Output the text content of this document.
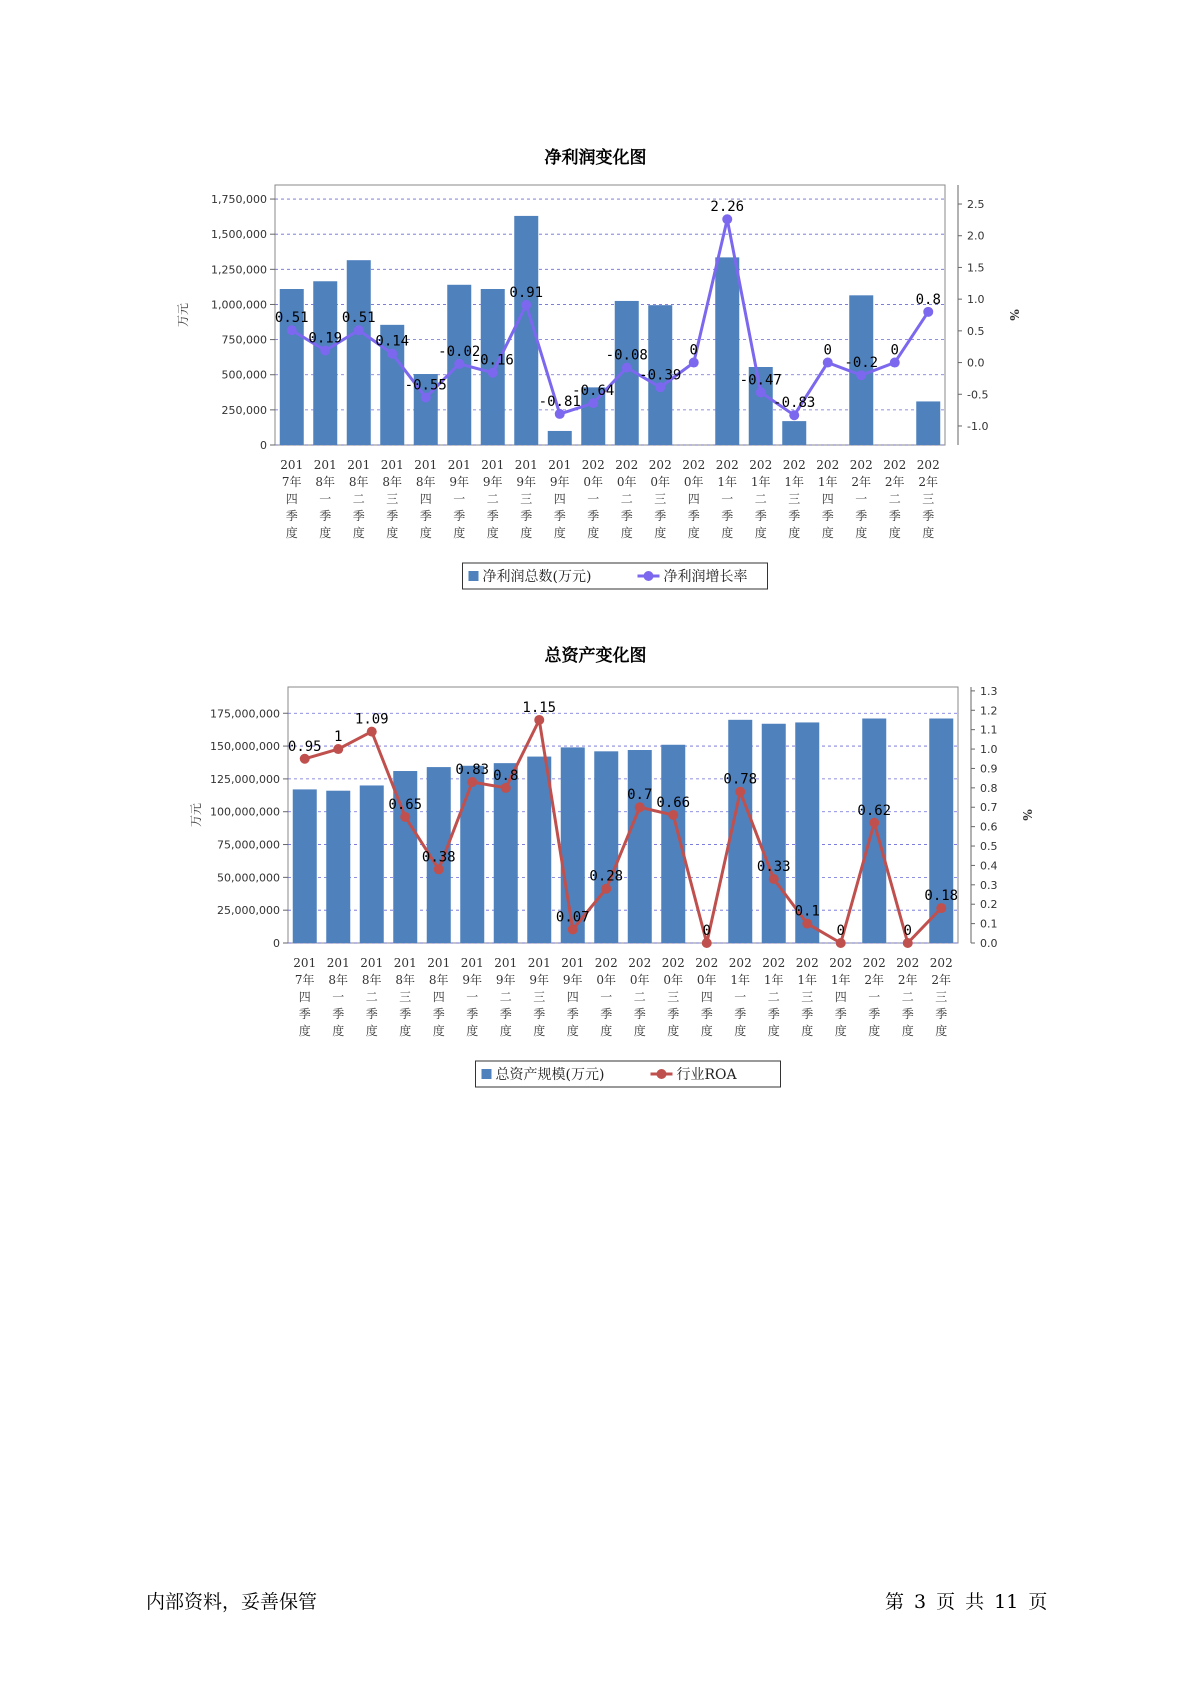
净利润变化图
0
250,000
500,000
750,000
1,000,000
1,250,000
1,500,000
1,750,000
万元
-1.0
-0.5
0.0
0.5
1.0
1.5
2.0
2.5
%
201
7年
四
季
度
201
8年
一
季
度
201
8年
二
季
度
201
8年
三
季
度
201
8年
四
季
度
201
9年
一
季
度
201
9年
二
季
度
201
9年
三
季
度
201
9年
四
季
度
202
0年
一
季
度
202
0年
二
季
度
202
0年
三
季
度
202
0年
四
季
度
202
1年
一
季
度
202
1年
二
季
度
202
1年
三
季
度
202
1年
四
季
度
202
2年
一
季
度
202
2年
二
季
度
202
2年
三
季
度
0.51
0.19
0.51
0.14
-0.55
-0.02
-0.16
0.91
-0.81
-0.64
-0.08
-0.39
0
2.26
-0.47
-0.83
0
-0.2
0
0.8
净利润总数(万元)	净利润增长率
总资产变化图
0
25,000,000
50,000,000
75,000,000
100,000,000
125,000,000
150,000,000
175,000,000
万元
0.0
0.1
0.2
0.3
0.4
0.5
0.6
0.7
0.8
0.9
1.0
1.1
1.2
1.3
%
201
7年
四
季
度
201
8年
一
季
度
201
8年
二
季
度
201
8年
三
季
度
201
8年
四
季
度
201
9年
一
季
度
201
9年
二
季
度
201
9年
三
季
度
201
9年
四
季
度
202
0年
一
季
度
202
0年
二
季
度
202
0年
三
季
度
202
0年
四
季
度
202
1年
一
季
度
202
1年
二
季
度
202
1年
三
季
度
202
1年
四
季
度
202
2年
一
季
度
202
2年
二
季
度
202
2年
三
季
度
0.95
1
1.09
0.65
0.38
0.83 0.8
1.15
0.07
0.28
0.7 0.66
0
0.78
0.33
0.1
0
0.62
0
0.18
总资产规模(万元)	行业ROA
内部资料，妥善保管	第 3 页 共 11 页
